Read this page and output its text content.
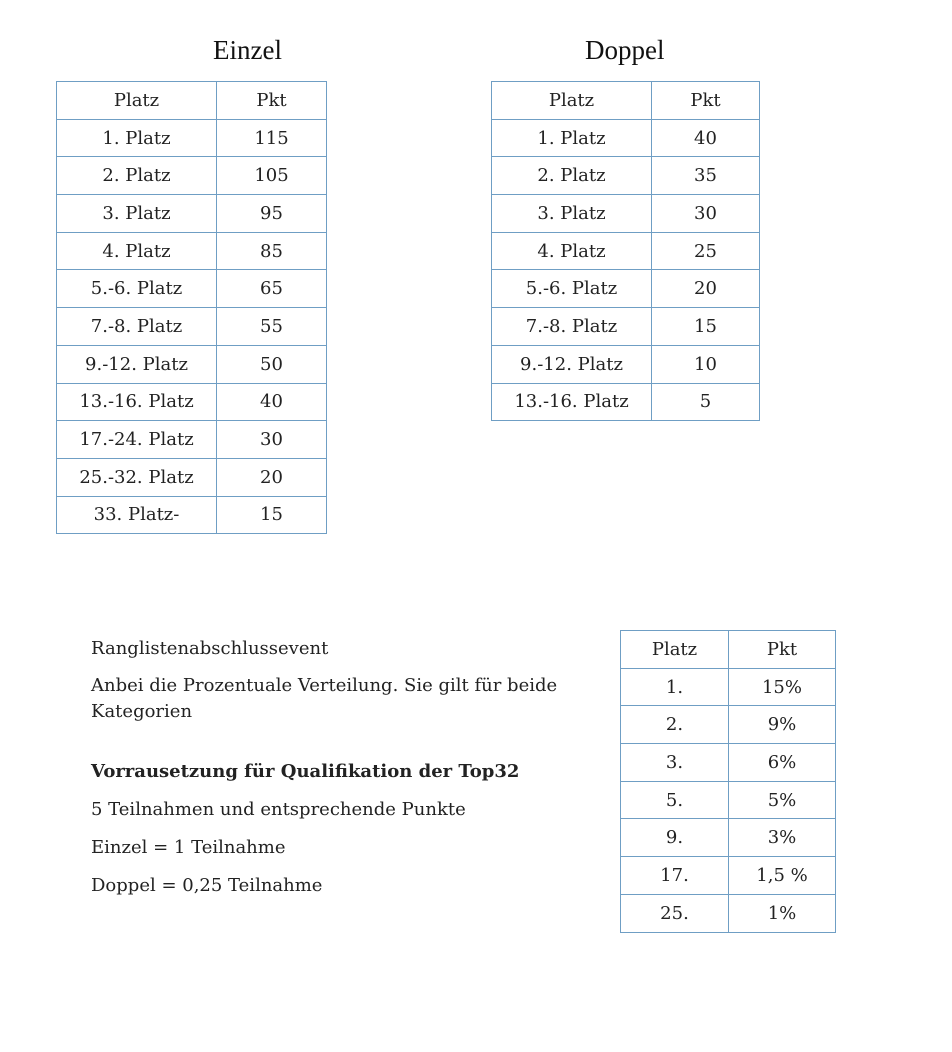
Einzel	Doppel
Platz	Pkt
1. Platz	115
2. Platz	105
3. Platz	95
4. Platz	85
5.-6. Platz	65
7.-8. Platz	55
9.-12. Platz	50
13.-16. Platz	40
17.-24. Platz	30
25.-32. Platz	20
33. Platz-	15
Platz	Pkt
1. Platz	40
2. Platz	35
3. Platz	30
4. Platz	25
5.-6. Platz	20
7.-8. Platz	15
9.-12. Platz	10
13.-16. Platz	5

Ranglistenabschlussevent

Anbei die Prozentuale Verteilung. Sie gilt für beide Kategorien

Vorrausetzung für Qualifikation der Top32

5 Teilnahmen und entsprechende Punkte

Einzel = 1 Teilnahme

Doppel = 0,25 Teilnahme

Platz	Pkt
1.	15%
2.	9%
3.	6%
5.	5%
9.	3%
17.	1,5 %
25.	1%
